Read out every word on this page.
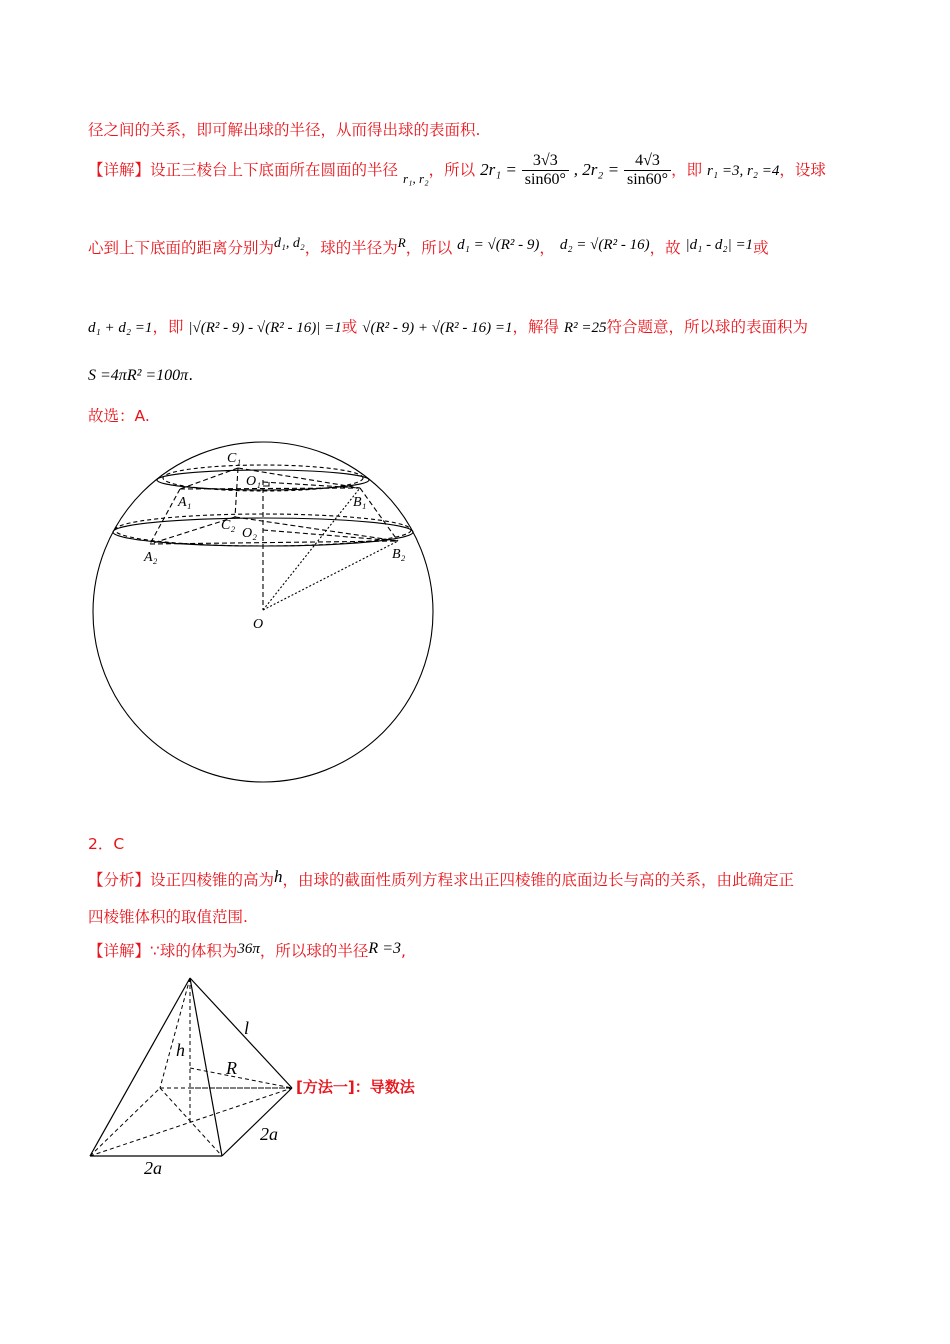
径之间的关系，即可解出球的半径，从而得出球的表面积.
【详解】设正三棱台上下底面所在圆面的半径 $_{r_1, r_2}$，所以 $2r_1 = \frac{3√3}{\sin 60^\circ}$ , $2r_2 = \frac{4√3}{\sin 60^\circ}$ ，即 r₁ =3, r₂ =4，设球
心到上下底面的距离分别为d₁, d₂，球的半径为$^R$，所以 d₁ = √(R² - 9)， d₂ = √(R² - 16)，故 |d₁ - d₂| =1或
d₁ + d₂ =1，即 |√(R² - 9) - √(R² - 16)| =1或 √(R² - 9) + √(R² - 16) =1，解得 R² =25符合题意，所以球的表面积为
S =4πR² =100π.
故选：A.
C₁
O₁
A₁	B₁
C₂
O₂
A₂	B₂
O
2．C
【分析】设正四棱锥的高为h，由球的截面性质列方程求出正四棱锥的底面边长与高的关系，由此确定正
四棱锥体积的取值范围.
【详解】∵球的体积为36π，所以球的半径R =3,
l
h
R
2a
2a
[方法一]：导数法
